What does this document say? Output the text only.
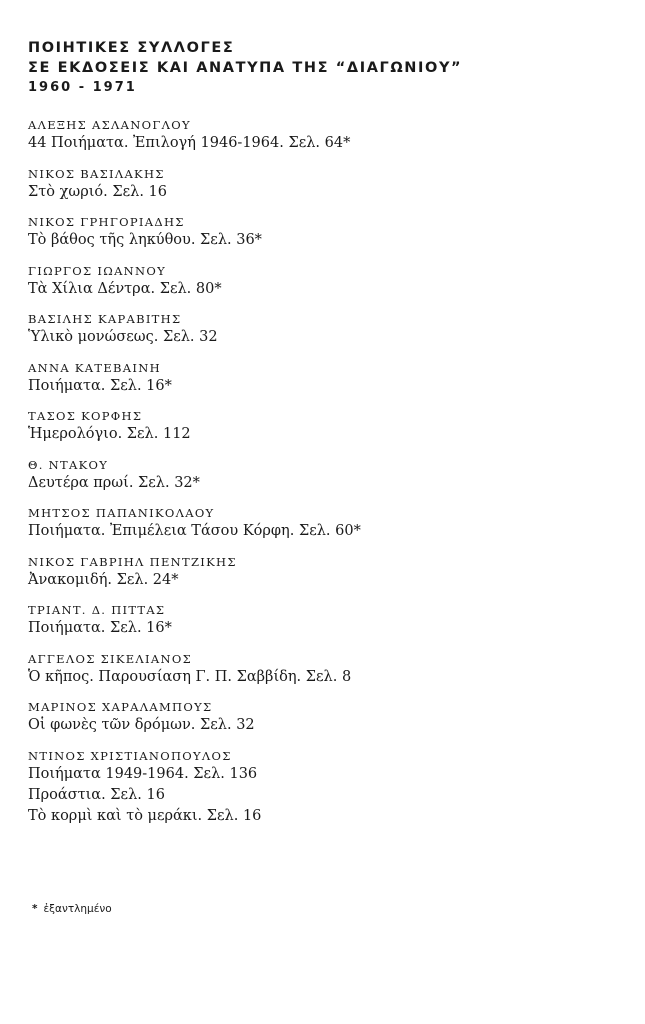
ΠΟΙΗΤΙΚΕΣ ΣΥΛΛΟΓΕΣ
ΣΕ ΕΚΔΟΣΕΙΣ ΚΑΙ ΑΝΑΤΥΠΑ ΤΗΣ “ΔΙΑΓΩΝΙΟΥ”
1960 - 1971
ΑΛΕΞΗΣ ΑΣΛΑΝΟΓΛΟΥ
44 Ποιήματα. Ἐπιλογή 1946-1964. Σελ. 64*
ΝΙΚΟΣ ΒΑΣΙΛΑΚΗΣ
Στὸ χωριό. Σελ. 16
ΝΙΚΟΣ ΓΡΗΓΟΡΙΑΔΗΣ
Τὸ βάθος τῆς ληκύθου. Σελ. 36*
ΓΙΩΡΓΟΣ ΙΩΑΝΝΟΥ
Τὰ Χίλια Δέντρα. Σελ. 80*
ΒΑΣΙΛΗΣ ΚΑΡΑΒΙΤΗΣ
Ὑλικὸ μονώσεως. Σελ. 32
ΑΝΝΑ ΚΑΤΕΒΑΙΝΗ
Ποιήματα. Σελ. 16*
ΤΑΣΟΣ ΚΟΡΦΗΣ
Ἡμερολόγιο. Σελ. 112
Θ. ΝΤΑΚΟΥ
Δευτέρα πρωί. Σελ. 32*
ΜΗΤΣΟΣ ΠΑΠΑΝΙΚΟΛΑΟΥ
Ποιήματα. Ἐπιμέλεια Τάσου Κόρφη. Σελ. 60*
ΝΙΚΟΣ ΓΑΒΡΙΗΛ ΠΕΝΤΖΙΚΗΣ
Ἀνακομιδή. Σελ. 24*
ΤΡΙΑΝΤ. Δ. ΠΙΤΤΑΣ
Ποιήματα. Σελ. 16*
ΑΓΓΕΛΟΣ ΣΙΚΕΛΙΑΝΟΣ
Ὁ κῆπος. Παρουσίαση Γ. Π. Σαββίδη. Σελ. 8
ΜΑΡΙΝΟΣ ΧΑΡΑΛΑΜΠΟΥΣ
Οἱ φωνὲς τῶν δρόμων. Σελ. 32
ΝΤΙΝΟΣ ΧΡΙΣΤΙΑΝΟΠΟΥΛΟΣ
Ποιήματα 1949-1964. Σελ. 136
Προάστια. Σελ. 16
Τὸ κορμὶ καὶ τὸ μεράκι. Σελ. 16
* ἐξαντλημένο
